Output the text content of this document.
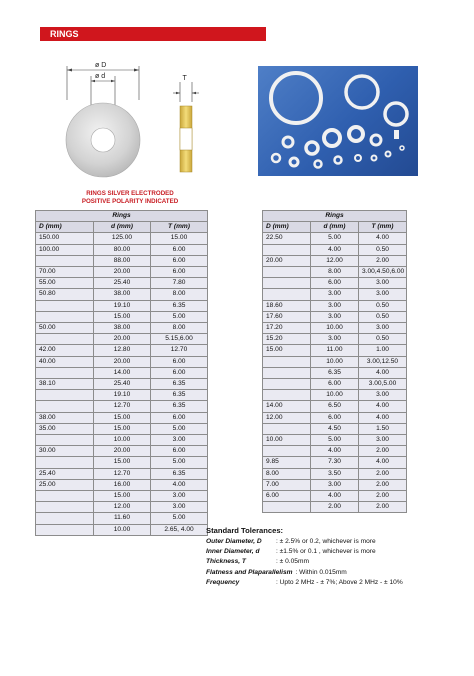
RINGS
ø D
ø d	T
RINGS SILVER ELECTRODED
POSITIVE POLARITY INDICATED
Rings		
D (mm)	d (mm)	T (mm)
150.00	125.00	15.00
100.00	80.00	6.00
	88.00	6.00
70.00	20.00	6.00
55.00	25.40	7.80
50.80	38.00	8.00
	19.10	6.35
	15.00	5.00
50.00	38.00	8.00
	20.00	5.15,6.00
42.00	12.80	12.70
40.00	20.00	6.00
	14.00	6.00
38.10	25.40	6.35
	19.10	6.35
	12.70	6.35
38.00	15.00	6.00
35.00	15.00	5.00
	10.00	3.00
30.00	20.00	6.00
	15.00	5.00
25.40	12.70	6.35
25.00	16.00	4.00
	15.00	3.00
	12.00	3.00
	11.60	5.00
	10.00	2.65, 4.00
Rings		
D (mm)	d (mm)	T (mm)
22.50	5.00	4.00
	4.00	0.50
20.00	12.00	2.00
	8.00	3.00,4.50,6.00
	6.00	3.00
	3.00	3.00
18.60	3.00	0.50
17.60	3.00	0.50
17.20	10.00	3.00
15.20	3.00	0.50
15.00	11.00	1.00
	10.00	3.00,12.50
	6.35	4.00
	6.00	3.00,5.00
	10.00	3.00
14.00	6.50	4.00
12.00	6.00	4.00
	4.50	1.50
10.00	5.00	3.00
	4.00	2.00
9.85	7.30	4.00
8.00	3.50	2.00
7.00	3.00	2.00
6.00	4.00	2.00
	2.00	2.00
Standard Tolerances:
Outer Diameter, D	: ± 2.5% or 0.2, whichever is more
Inner Diameter, d	: ±1.5% or 0.1 , whichever is more
Thickness, T	: ± 0.05mm
Flatness and Plaparallelism : Within 0.015mm
Frequency	: Upto 2 MHz - ± 7%; Above 2 MHz - ± 10%
